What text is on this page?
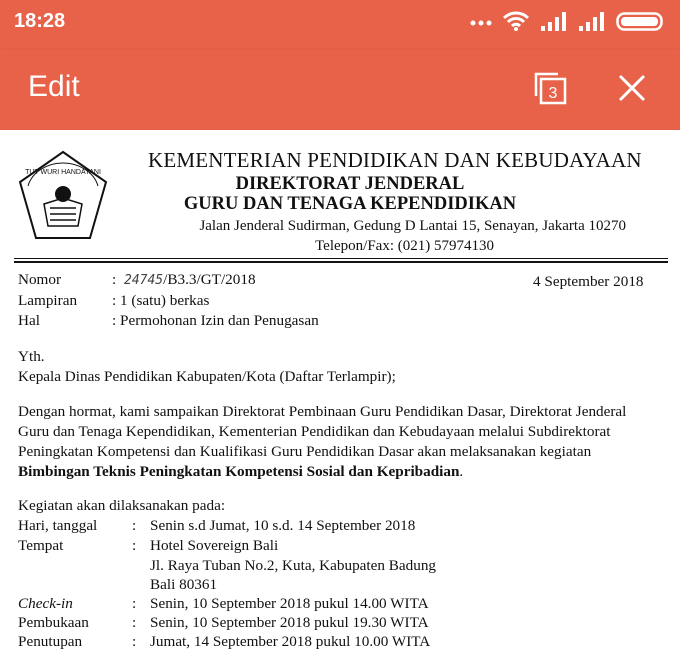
18:28
Edit	3
TUT WURI HANDAYANI
KEMENTERIAN PENDIDIKAN DAN KEBUDAYAAN
DIREKTORAT JENDERAL
GURU DAN TENAGA KEPENDIDIKAN
Jalan Jenderal Sudirman, Gedung D Lantai 15, Senayan, Jakarta 10270
Telepon/Fax: (021) 57974130
Nomor	: 24745/B3.3/GT/2018	4 September 2018
Lampiran : 1 (satu) berkas
Hal	: Permohonan Izin dan Penugasan
Yth.
Kepala Dinas Pendidikan Kabupaten/Kota (Daftar Terlampir);
Dengan hormat, kami sampaikan Direktorat Pembinaan Guru Pendidikan Dasar, Direktorat Jenderal
Guru dan Tenaga Kependidikan, Kementerian Pendidikan dan Kebudayaan melalui Subdirektorat
Peningkatan Kompetensi dan Kualifikasi Guru Pendidikan Dasar akan melaksanakan kegiatan
Bimbingan Teknis Peningkatan Kompetensi Sosial dan Kepribadian.
Kegiatan akan dilaksanakan pada:
Hari, tanggal : Senin s.d Jumat, 10 s.d. 14 September 2018
Tempat	: Hotel Sovereign Bali
Jl. Raya Tuban No.2, Kuta, Kabupaten Badung
Bali 80361
Check-in	: Senin, 10 September 2018 pukul 14.00 WITA
Pembukaan	: Senin, 10 September 2018 pukul 19.30 WITA
Penutupan	: Jumat, 14 September 2018 pukul 10.00 WITA
